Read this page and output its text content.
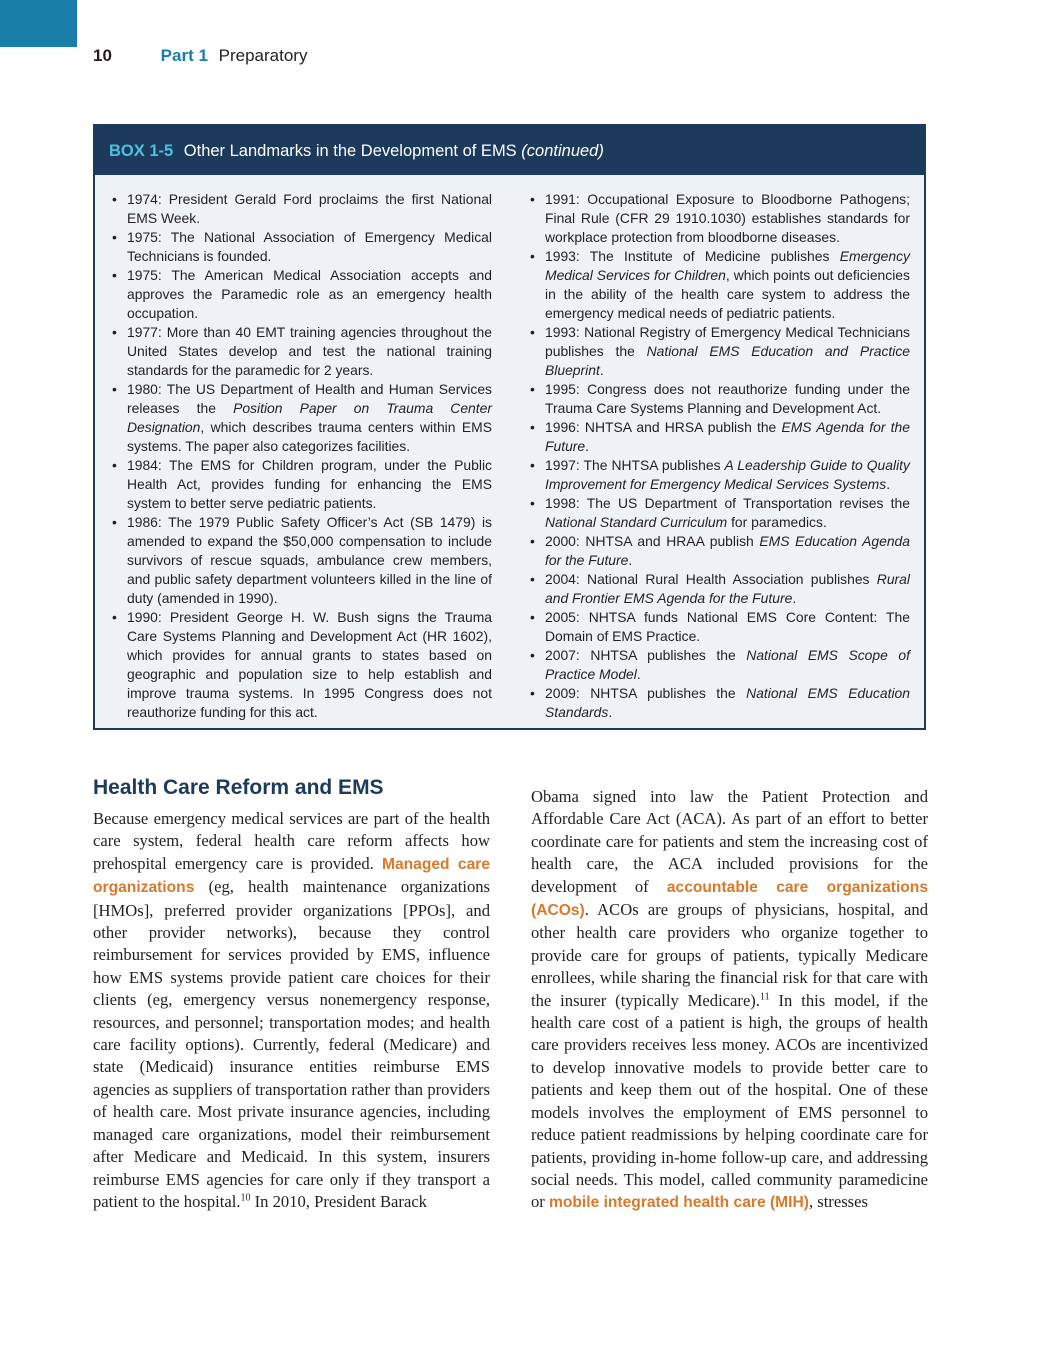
10	Part 1 Preparatory
BOX 1-5 Other Landmarks in the Development of EMS (continued)
• 1974: President Gerald Ford proclaims the first National EMS Week.
• 1975: The National Association of Emergency Medical Technicians is founded.
• 1975: The American Medical Association accepts and approves the Paramedic role as an emergency health occupation.
• 1977: More than 40 EMT training agencies throughout the United States develop and test the national training standards for the paramedic for 2 years.
• 1980: The US Department of Health and Human Services releases the Position Paper on Trauma Center Designation, which describes trauma centers within EMS systems. The paper also categorizes facilities.
• 1984: The EMS for Children program, under the Public Health Act, provides funding for enhancing the EMS system to better serve pediatric patients.
• 1986: The 1979 Public Safety Officer’s Act (SB 1479) is amended to expand the $50,000 compensation to include survivors of rescue squads, ambulance crew members, and public safety department volunteers killed in the line of duty (amended in 1990).
• 1990: President George H. W. Bush signs the Trauma Care Systems Planning and Development Act (HR 1602), which provides for annual grants to states based on geographic and population size to help establish and improve trauma systems. In 1995 Congress does not reauthorize funding for this act.
• 1991: Occupational Exposure to Bloodborne Pathogens; Final Rule (CFR 29 1910.1030) establishes standards for workplace protection from bloodborne diseases.
• 1993: The Institute of Medicine publishes Emergency Medical Services for Children, which points out deficiencies in the ability of the health care system to address the emergency medical needs of pediatric patients.
• 1993: National Registry of Emergency Medical Technicians publishes the National EMS Education and Practice Blueprint.
• 1995: Congress does not reauthorize funding under the Trauma Care Systems Planning and Development Act.
• 1996: NHTSA and HRSA publish the EMS Agenda for the Future.
• 1997: The NHTSA publishes A Leadership Guide to Quality Improvement for Emergency Medical Services Systems.
• 1998: The US Department of Transportation revises the National Standard Curriculum for paramedics.
• 2000: NHTSA and HRAA publish EMS Education Agenda for the Future.
• 2004: National Rural Health Association publishes Rural and Frontier EMS Agenda for the Future.
• 2005: NHTSA funds National EMS Core Content: The Domain of EMS Practice.
• 2007: NHTSA publishes the National EMS Scope of Practice Model.
• 2009: NHTSA publishes the National EMS Education Standards.
Health Care Reform and EMS

Because emergency medical services are part of the health care system, federal health care reform affects how prehospital emergency care is provided. Managed care organizations (eg, health maintenance organizations [HMOs], preferred provider organizations [PPOs], and other provider networks), because they control reimbursement for services provided by EMS, influence how EMS systems provide patient care choices for their clients (eg, emergency versus nonemergency response, resources, and personnel; transportation modes; and health care facility options). Currently, federal (Medicare) and state (Medicaid) insurance entities reimburse EMS agencies as suppliers of transportation rather than providers of health care. Most private insurance agencies, including managed care organizations, model their reimbursement after Medicare and Medicaid. In this system, insurers reimburse EMS agencies for care only if they transport a patient to the hospital.$^{10}$ In 2010, President Barack

Obama signed into law the Patient Protection and Affordable Care Act (ACA). As part of an effort to better coordinate care for patients and stem the increasing cost of health care, the ACA included provisions for the development of accountable care organizations (ACOs). ACOs are groups of physicians, hospital, and other health care providers who organize together to provide care for groups of patients, typically Medicare enrollees, while sharing the financial risk for that care with the insurer (typically Medicare).$^{11}$ In this model, if the health care cost of a patient is high, the groups of health care providers receives less money. ACOs are incentivized to develop innovative models to provide better care to patients and keep them out of the hospital. One of these models involves the employment of EMS personnel to reduce patient readmissions by helping coordinate care for patients, providing in-home follow-up care, and addressing social needs. This model, called community paramedicine or mobile integrated health care (MIH), stresses
